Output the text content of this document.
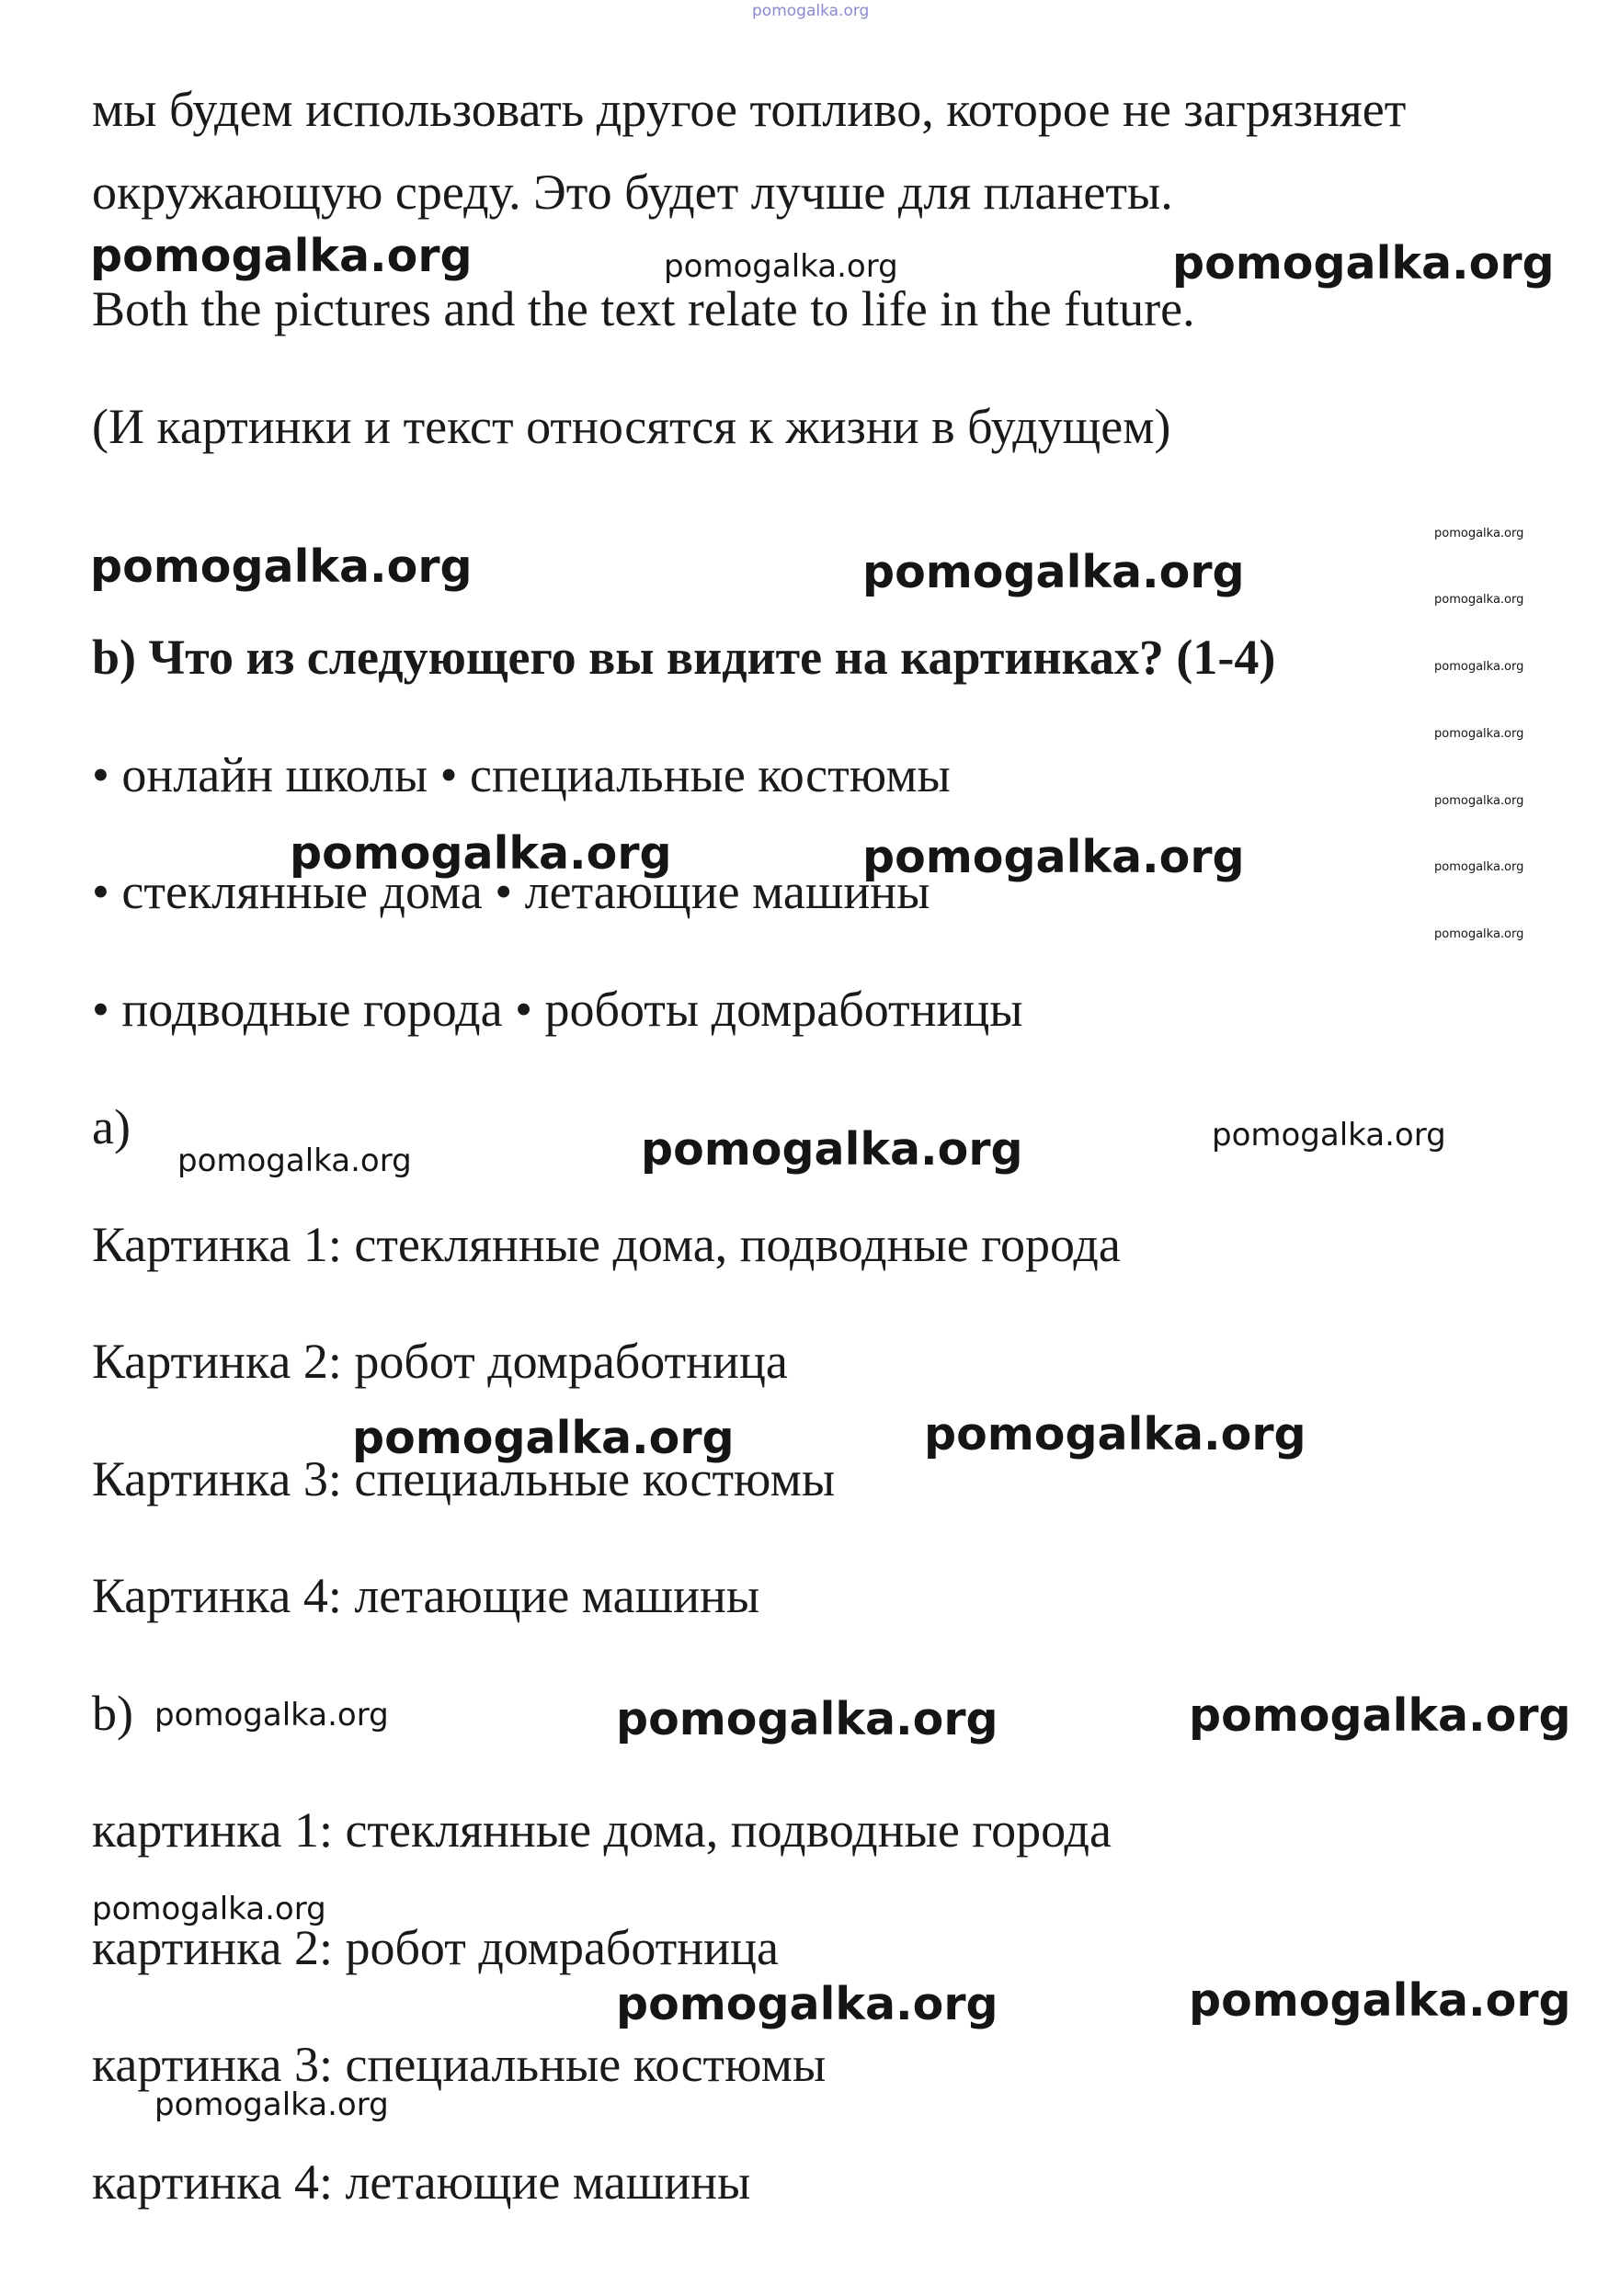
pomogalka.org
мы будем использовать другое топливо, которое не загрязняет
окружающую среду. Это будет лучше для планеты.
Both the pictures and the text relate to life in the future.
(И картинки и текст относятся к жизни в будущем)
b) Что из следующего вы видите на картинках? (1-4)
• онлайн школы • специальные костюмы
• стеклянные дома • летающие машины
• подводные города • роботы домработницы
a)
Картинка 1: стеклянные дома, подводные города
Картинка 2: робот домработница
Картинка 3: специальные костюмы
Картинка 4: летающие машины
b)
картинка 1: стеклянные дома, подводные города
картинка 2: робот домработница
картинка 3: специальные костюмы
картинка 4: летающие машины
pomogalka.org	pomogalka.org	pomogalka.org
pomogalka.org	pomogalka.org
pomogalka.org
pomogalka.org
pomogalka.org
pomogalka.org
pomogalka.org
pomogalka.org
pomogalka.org
pomogalka.org	pomogalka.org
pomogalka.org	pomogalka.org	pomogalka.org
pomogalka.org	pomogalka.org
pomogalka.org	pomogalka.org	pomogalka.org
pomogalka.org
pomogalka.org	pomogalka.org
pomogalka.org
